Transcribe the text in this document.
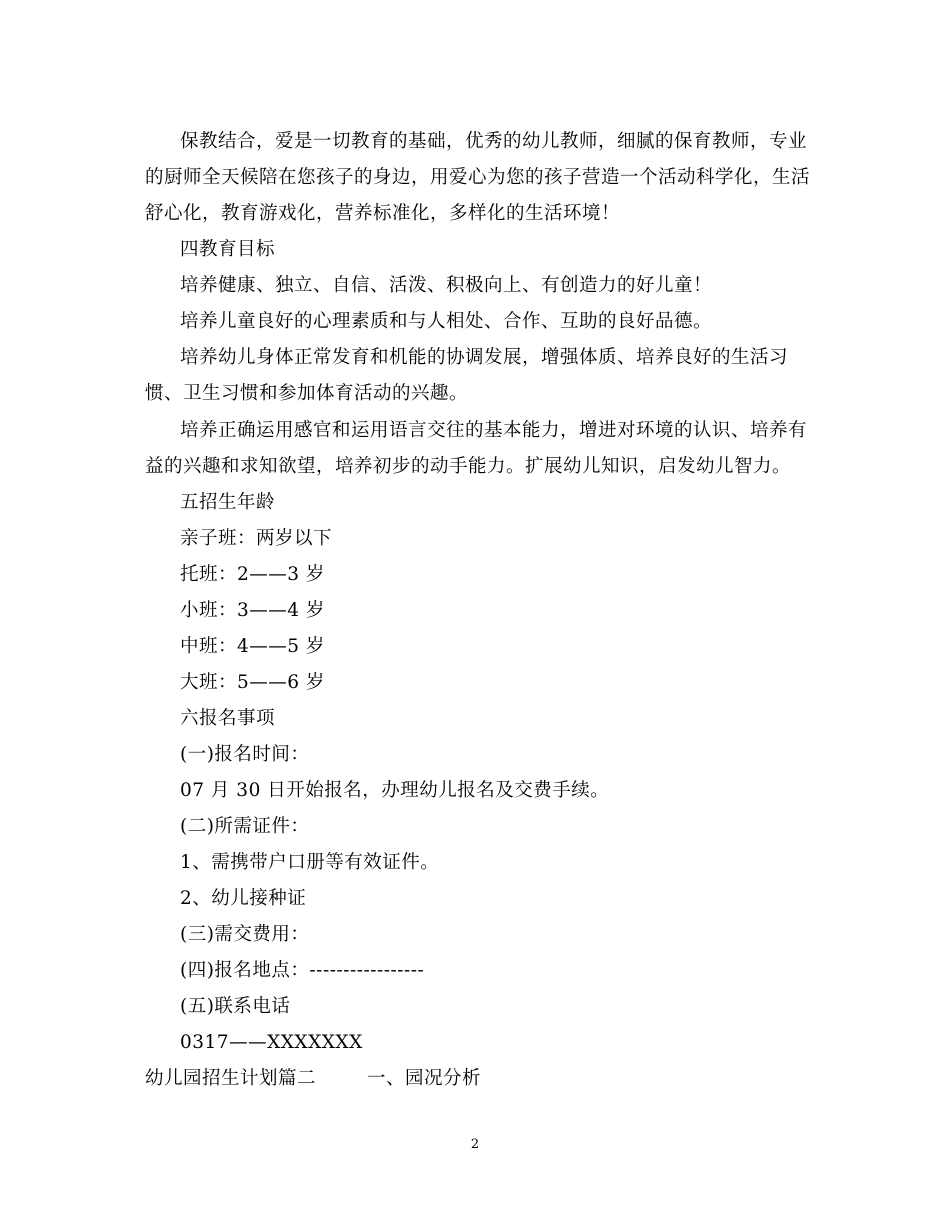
保教结合，爱是一切教育的基础，优秀的幼儿教师，细腻的保育教师，专业
的厨师全天候陪在您孩子的身边，用爱心为您的孩子营造一个活动科学化，生活
舒心化，教育游戏化，营养标准化，多样化的生活环境！
四教育目标
培养健康、独立、自信、活泼、积极向上、有创造力的好儿童！
培养儿童良好的心理素质和与人相处、合作、互助的良好品德。
培养幼儿身体正常发育和机能的协调发展，增强体质、培养良好的生活习
惯、卫生习惯和参加体育活动的兴趣。
培养正确运用感官和运用语言交往的基本能力，增进对环境的认识、培养有
益的兴趣和求知欲望，培养初步的动手能力。扩展幼儿知识，启发幼儿智力。
五招生年龄
亲子班：两岁以下
托班：2——3 岁
小班：3——4 岁
中班：4——5 岁
大班：5——6 岁
六报名事项
(一)报名时间：
07 月 30 日开始报名，办理幼儿报名及交费手续。
(二)所需证件：
1、需携带户口册等有效证件。
2、幼儿接种证
(三)需交费用：
(四)报名地点：-----------------
(五)联系电话
0317——XXXXXXX
幼儿园招生计划篇二        一、园况分析
2
